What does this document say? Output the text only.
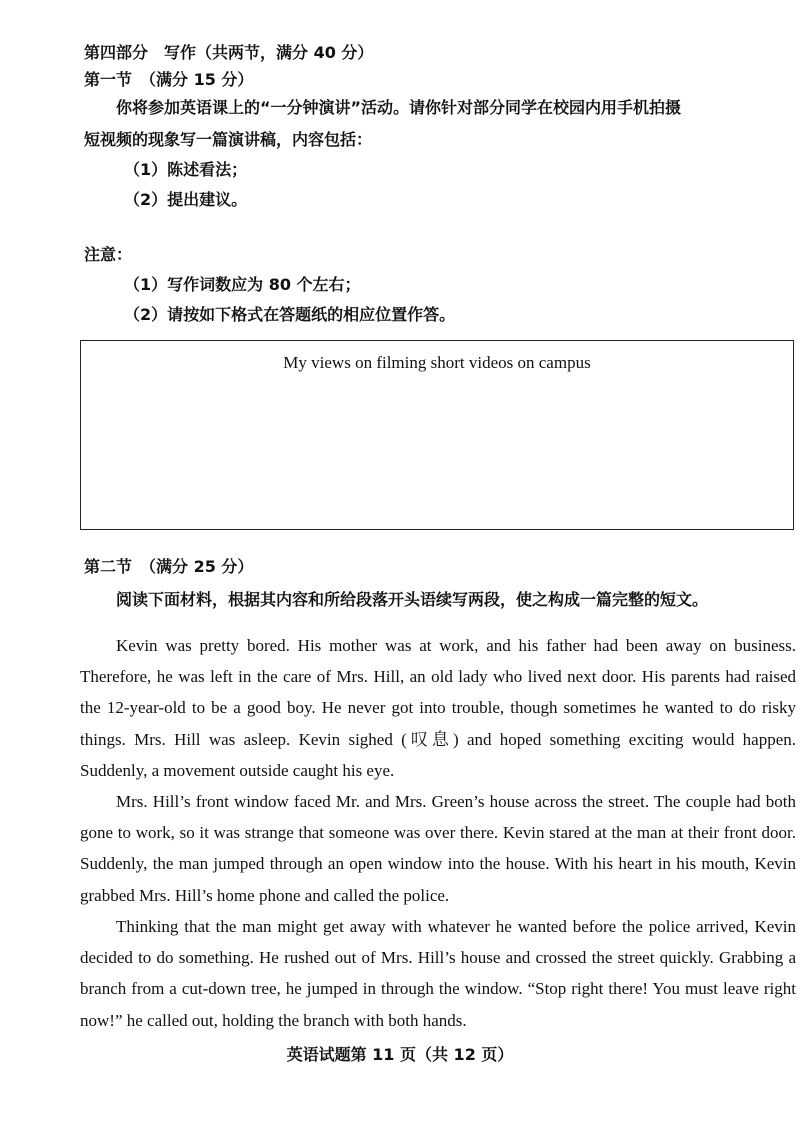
第四部分　写作（共两节，满分 40 分）
第一节　（满分 15 分）
你将参加英语课上的“一分钟演讲”活动。请你针对部分同学在校园内用手机拍摄
短视频的现象写一篇演讲稿，内容包括：
（1）陈述看法；
（2）提出建议。
注意：
（1）写作词数应为 80 个左右；
（2）请按如下格式在答题纸的相应位置作答。
My views on filming short videos on campus
第二节　（满分 25 分）
阅读下面材料，根据其内容和所给段落开头语续写两段，使之构成一篇完整的短文。

Kevin was pretty bored. His mother was at work, and his father had been away on business. Therefore, he was left in the care of Mrs. Hill, an old lady who lived next door. His parents had raised the 12-year-old to be a good boy. He never got into trouble, though sometimes he wanted to do risky things. Mrs. Hill was asleep. Kevin sighed (叹息) and hoped something exciting would happen. Suddenly, a movement outside caught his eye.

Mrs. Hill’s front window faced Mr. and Mrs. Green’s house across the street. The couple had both gone to work, so it was strange that someone was over there. Kevin stared at the man at their front door. Suddenly, the man jumped through an open window into the house. With his heart in his mouth, Kevin grabbed Mrs. Hill’s home phone and called the police.

Thinking that the man might get away with whatever he wanted before the police arrived, Kevin decided to do something. He rushed out of Mrs. Hill’s house and crossed the street quickly. Grabbing a branch from a cut-down tree, he jumped in through the window. “Stop right there! You must leave right now!” he called out, holding the branch with both hands.

英语试题第 11 页（共 12 页）
